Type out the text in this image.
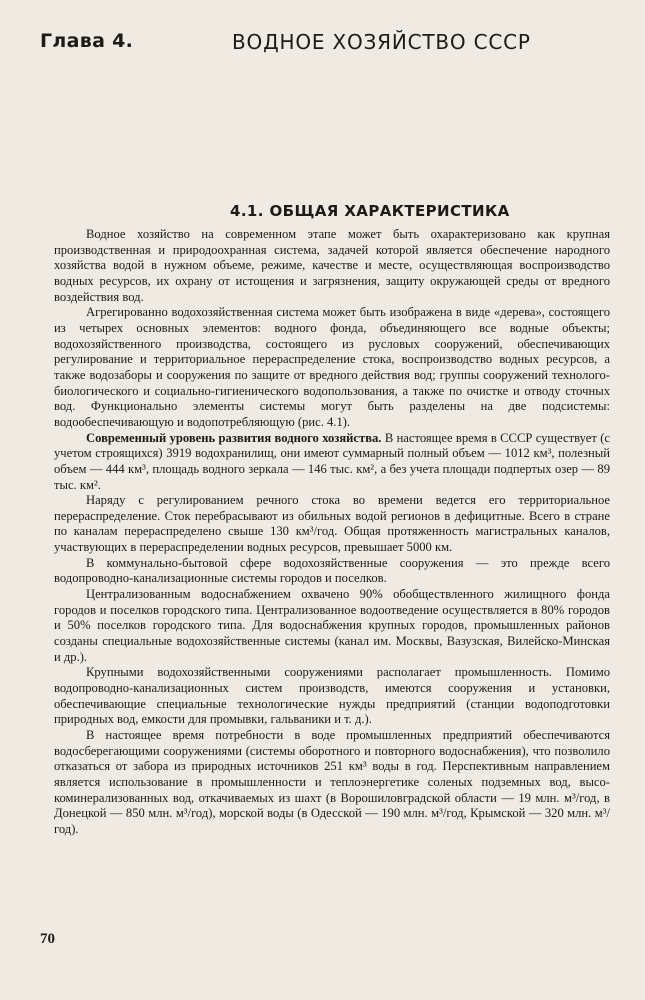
Глава 4.	ВОДНОЕ ХОЗЯЙСТВО СССР
4.1. ОБЩАЯ ХАРАКТЕРИСТИКА

Водное хозяйство на современном этапе может быть охарактеризовано как крупная производственная и природоохранная система, задачей которой является обеспечение народного хозяйства водой в нужном объеме, режиме, качестве и месте, осуществляющая воспроизводство водных ресурсов, их охрану от истощения и загрязнения, защиту окружающей среды от вредного воздействия вод.

Агрегированно водохозяйственная система может быть изображена в виде «дерева», состоящего из четырех основных элементов: водного фонда, объединяющего все водные объекты; водохозяйственного производства, состоящего из русловых сооружений, обеспечивающих регулирование и территориальное перераспределение стока, воспроизводство водных ресурсов, а также водозаборы и сооружения по защите от вредного действия вод; группы сооружений технолого-биологического и социально-гигиенического водопользования, а также по очистке и отводу сточных вод. Функционально элементы системы могут быть разделены на две подсистемы: водообеспечивающую и водопотребляющую (рис. 4.1).

Современный уровень развития водного хозяйства. В настоящее время в СССР существует (с учетом строящихся) 3919 водохранилищ, они имеют суммарный полный объем — 1012 км³, полезный объем — 444 км³, площадь водного зеркала — 146 тыс. км², а без учета площади подпертых озер — 89 тыс. км².

Наряду с регулированием речного стока во времени ведется его территориальное перераспределение. Сток перебрасывают из обильных водой регионов в дефицитные. Всего в стране по каналам перераспределено свыше 130 км³/год. Общая протяженность магистральных каналов, участвующих в перераспределении водных ресурсов, превышает 5000 км.

В коммунально-бытовой сфере водохозяйственные сооружения — это прежде всего водопроводно-канализационные системы городов и поселков.

Централизованным водоснабжением охвачено 90% обобществленного жилищного фонда городов и поселков городского типа. Централизованное водоотведение осуществляется в 80% городов и 50% поселков городского типа. Для водоснабжения крупных городов, промышленных районов созданы специальные водохозяйственные системы (канал им. Москвы, Вазузская, Вилейско-Минская и др.).

Крупными водохозяйственными сооружениями располагает промышленность. Помимо водопроводно-канализационных систем производств, имеются сооружения и установки, обеспечивающие специальные технологические нужды предприятий (станции водоподготовки природных вод, емкости для промывки, гальваники и т. д.).

В настоящее время потребности в воде промышленных предприятий обеспечиваются водосберегающими сооружениями (системы оборотного и повторного водоснабжения), что позволило отказаться от забора из природных источников 251 км³ воды в год. Перспективным направлением является использование в промышленности и теплоэнергетике соленых подземных вод, высокоминерализованных вод, откачиваемых из шахт (в Ворошиловградской области — 19 млн. м³/год, в Донецкой — 850 млн. м³/год), морской воды (в Одесской — 190 млн. м³/год, Крымской — 320 млн. м³/год).

70
